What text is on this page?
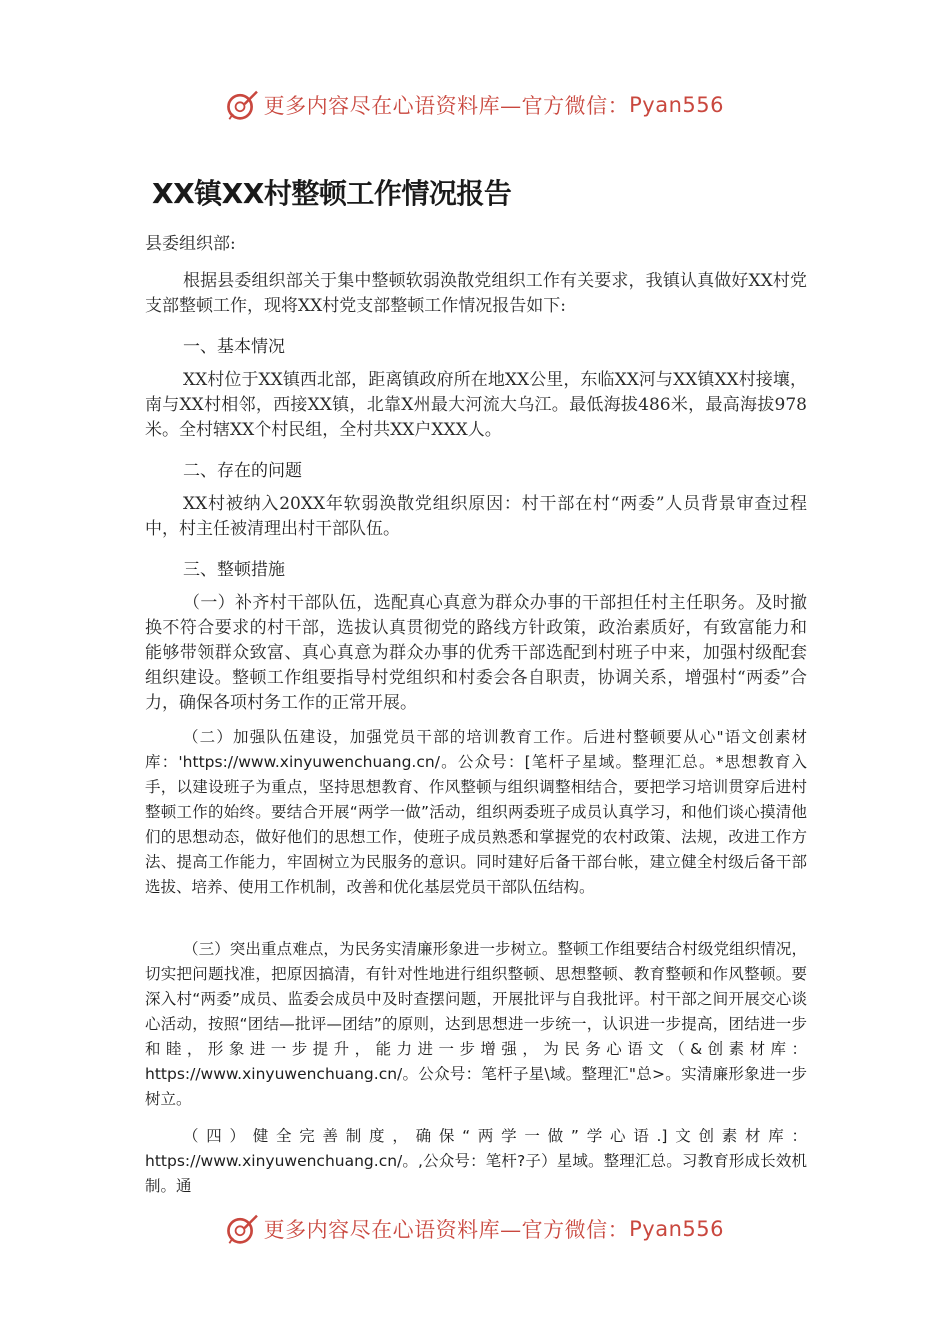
更多内容尽在心语资料库—官方微信： Pyan556
XX镇XX村整顿工作情况报告

县委组织部:

根据县委组织部关于集中整顿软弱涣散党组织工作有关要求，我镇认真做好XX村党支部整顿工作，现将XX村党支部整顿工作情况报告如下:

一、基本情况

XX村位于XX镇西北部，距离镇政府所在地XX公里，东临XX河与XX镇XX村接壤，南与XX村相邻，西接XX镇，北靠X州最大河流大乌江。最低海拔486米，最高海拔978米。全村辖XX个村民组，全村共XX户XXX人。

二、存在的问题

XX村被纳入20XX年软弱涣散党组织原因：村干部在村“两委”人员背景审查过程中，村主任被清理出村干部队伍。

三、整顿措施

（一）补齐村干部队伍，选配真心真意为群众办事的干部担任村主任职务。及时撤换不符合要求的村干部，选拔认真贯彻党的路线方针政策，政治素质好，有致富能力和能够带领群众致富、真心真意为群众办事的优秀干部选配到村班子中来，加强村级配套组织建设。整顿工作组要指导村党组织和村委会各自职责，协调关系，增强村“两委”合力，确保各项村务工作的正常开展。

（二）加强队伍建设，加强党员干部的培训教育工作。后进村整顿要从心"语文创素材库：'https://www.xinyuwenchuang.cn/。公众号：[笔杆子星域。整理汇总。*思想教育入手，以建设班子为重点，坚持思想教育、作风整顿与组织调整相结合，要把学习培训贯穿后进村整顿工作的始终。要结合开展“两学一做”活动，组织两委班子成员认真学习，和他们谈心摸清他们的思想动态，做好他们的思想工作，使班子成员熟悉和掌握党的农村政策、法规，改进工作方法、提高工作能力，牢固树立为民服务的意识。同时建好后备干部台帐，建立健全村级后备干部选拔、培养、使用工作机制，改善和优化基层党员干部队伍结构。

（三）突出重点难点，为民务实清廉形象进一步树立。整顿工作组要结合村级党组织情况，切实把问题找准，把原因搞清，有针对性地进行组织整顿、思想整顿、教育整顿和作风整顿。要深入村“两委”成员、监委会成员中及时查摆问题，开展批评与自我批评。村干部之间开展交心谈心活动，按照“团结—批评—团结”的原则，达到思想进一步统一，认识进一步提高，团结进一步和睦，形象进一步提升，能力进一步增强，为民务心语文（&创素材库：https://www.xinyuwenchuang.cn/。公众号：笔杆子星\域。整理汇"总>。实清廉形象进一步树立。

（四）健全完善制度，确保“两学一做”学心语.]文创素材库：https://www.xinyuwenchuang.cn/。,公众号：笔杆?子）星域。整理汇总。习教育形成长效机制。通

更多内容尽在心语资料库—官方微信： Pyan556
